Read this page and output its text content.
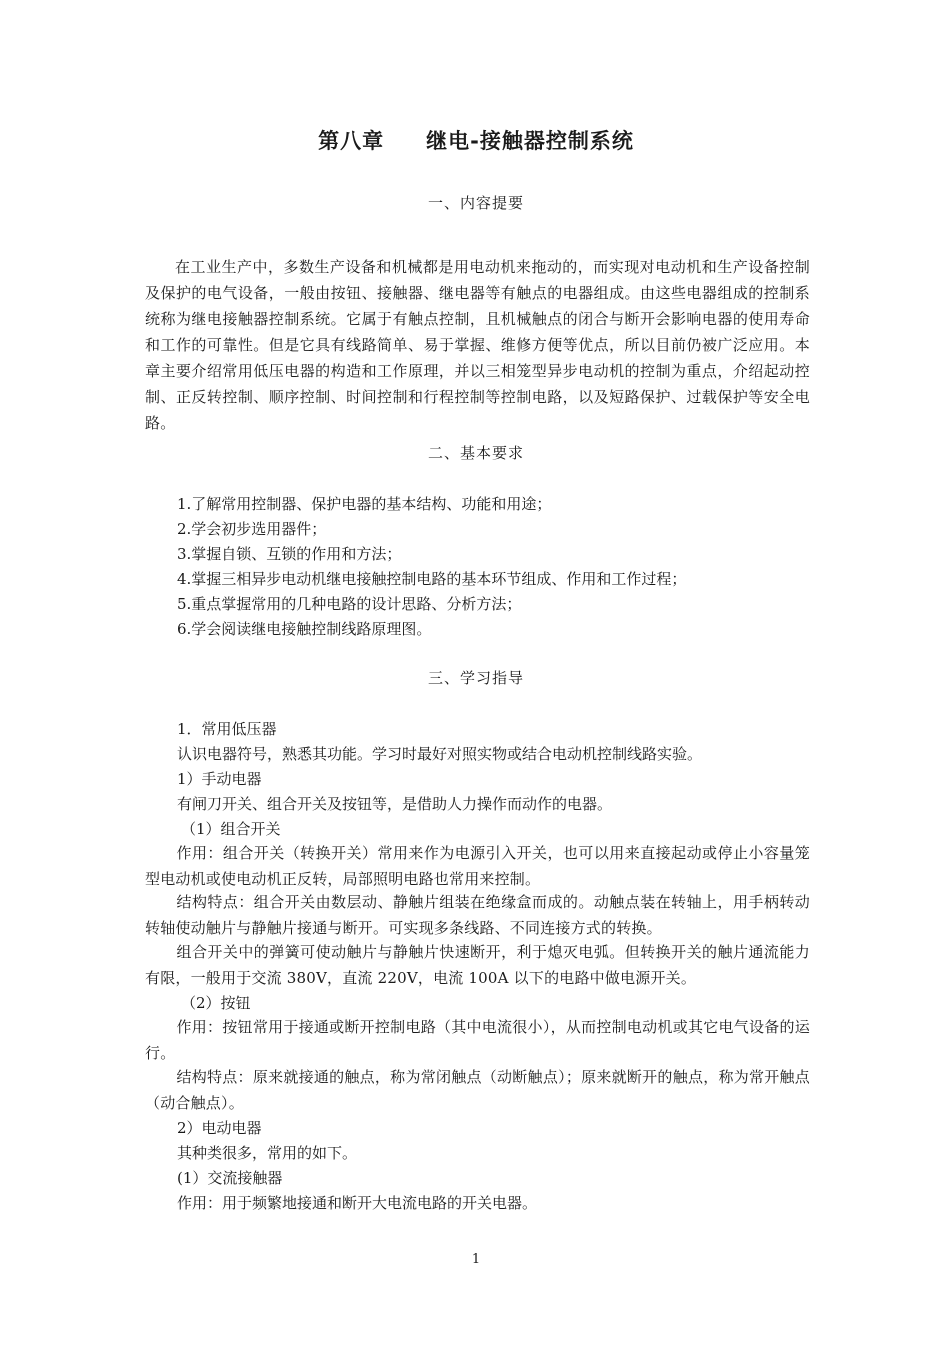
第八章 继电-接触器控制系统
一、内容提要

在工业生产中，多数生产设备和机械都是用电动机来拖动的，而实现对电动机和生产设备控制及保护的电气设备，一般由按钮、接触器、继电器等有触点的电器组成。由这些电器组成的控制系统称为继电接触器控制系统。它属于有触点控制，且机械触点的闭合与断开会影响电器的使用寿命和工作的可靠性。但是它具有线路简单、易于掌握、维修方便等优点，所以目前仍被广泛应用。本章主要介绍常用低压电器的构造和工作原理，并以三相笼型异步电动机的控制为重点，介绍起动控制、正反转控制、顺序控制、时间控制和行程控制等控制电路，以及短路保护、过载保护等安全电路。

二、基本要求

1.了解常用控制器、保护电器的基本结构、功能和用途；

2.学会初步选用器件；

3.掌握自锁、互锁的作用和方法；

4.掌握三相异步电动机继电接触控制电路的基本环节组成、作用和工作过程；

5.重点掌握常用的几种电路的设计思路、分析方法；

6.学会阅读继电接触控制线路原理图。

三、学习指导

1．常用低压器

认识电器符号，熟悉其功能。学习时最好对照实物或结合电动机控制线路实验。

1）手动电器

有闸刀开关、组合开关及按钮等，是借助人力操作而动作的电器。

（1）组合开关

作用：组合开关（转换开关）常用来作为电源引入开关，也可以用来直接起动或停止小容量笼型电动机或使电动机正反转，局部照明电路也常用来控制。

结构特点：组合开关由数层动、静触片组装在绝缘盒而成的。动触点装在转轴上，用手柄转动转轴使动触片与静触片接通与断开。可实现多条线路、不同连接方式的转换。

组合开关中的弹簧可使动触片与静触片快速断开，利于熄灭电弧。但转换开关的触片通流能力有限，一般用于交流 380V，直流 220V，电流 100A 以下的电路中做电源开关。

（2）按钮

作用：按钮常用于接通或断开控制电路（其中电流很小），从而控制电动机或其它电气设备的运行。

结构特点：原来就接通的触点，称为常闭触点（动断触点）；原来就断开的触点，称为常开触点（动合触点）。

2）电动电器

其种类很多，常用的如下。

(1）交流接触器

作用：用于频繁地接通和断开大电流电路的开关电器。

1
